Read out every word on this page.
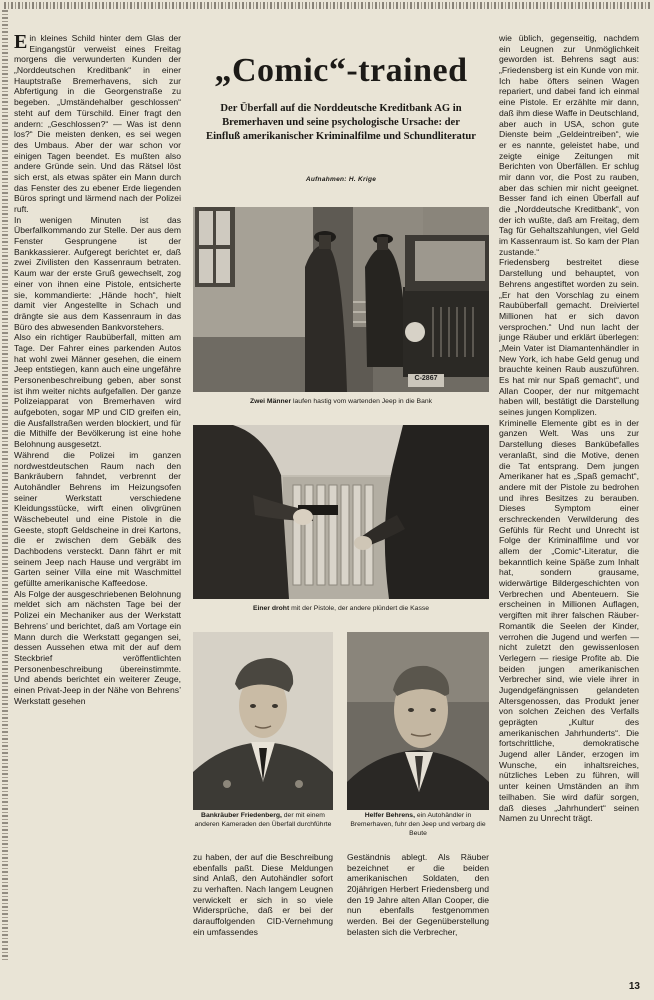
Ein kleines Schild hinter dem Glas der Eingangstür verweist eines Freitag morgens die verwunderten Kunden der „Norddeutschen Kreditbank“ in einer Hauptstraße Bremerhavens, sich zur Abfertigung in die Georgenstraße zu begeben. „Umständehalber geschlossen“ steht auf dem Türschild. Einer fragt den andern: „Geschlossen?“ — Was ist denn los?“ Die meisten denken, es sei wegen des Umbaus. Aber der war schon vor einigen Tagen beendet. Es mußten also andere Gründe sein. Und das Rätsel löst sich erst, als etwas später ein Mann durch das Fenster des zu ebener Erde liegenden Büros springt und lärmend nach der Polizei ruft.

In wenigen Minuten ist das Überfallkommando zur Stelle. Der aus dem Fenster Gesprungene ist der Bankkassierer. Aufgeregt berichtet er, daß zwei Zivilisten den Kassenraum betraten. Kaum war der erste Gruß gewechselt, zog einer von ihnen eine Pistole, entsicherte sie, kommandierte: „Hände hoch“, hielt damit vier Angestellte in Schach und drängte sie aus dem Kassenraum in das Büro des abwesenden Bankvorstehers.

Also ein richtiger Raubüberfall, mitten am Tage. Der Fahrer eines parkenden Autos hat wohl zwei Männer gesehen, die einem Jeep entstiegen, kann auch eine ungefähre Personenbeschreibung geben, aber sonst ist ihm weiter nichts aufgefallen. Der ganze Polizeiapparat von Bremerhaven wird aufgeboten, sogar MP und CID greifen ein, die Ausfallstraßen werden blockiert, und für die Mithilfe der Bevölkerung ist eine hohe Belohnung ausgesetzt.

Während die Polizei im ganzen nordwestdeutschen Raum nach den Bankräubern fahndet, verbrennt der Autohändler Behrens im Heizungsofen seiner Werkstatt verschiedene Kleidungsstücke, wirft einen olivgrünen Wäschebeutel und eine Pistole in die Geeste, stopft Geldscheine in drei Kartons, die er zwischen dem Gebälk des Dachbodens versteckt. Dann fährt er mit seinem Jeep nach Hause und vergräbt im Garten seiner Villa eine mit Waschmittel gefüllte amerikanische Kaffeedose.

Als Folge der ausgeschriebenen Belohnung meldet sich am nächsten Tage bei der Polizei ein Mechaniker aus der Werkstatt Behrens’ und berichtet, daß am Vortage ein Mann durch die Werkstatt gegangen sei, dessen Aussehen etwa mit der auf dem Steckbrief veröffentlichten Personenbeschreibung übereinstimmte. Und abends berichtet ein weiterer Zeuge, einen Privat-Jeep in der Nähe von Behrens’ Werkstatt gesehen

„Comic“-trained

Der Überfall auf die Norddeutsche Kreditbank AG in Bremerhaven und seine psychologische Ursache: der Einfluß amerikanischer Kriminalfilme und Schundliteratur

Aufnahmen: H. Krige
C-2867
Zwei Männer laufen hastig vom wartenden Jeep in die Bank
Einer droht mit der Pistole, der andere plündert die Kasse
Bankräuber Friedenberg, der mit einem anderen Kameraden den Überfall durchführte
Helfer Behrens, ein Autohändler in Bremerhaven, fuhr den Jeep und verbarg die Beute

zu haben, der auf die Beschreibung ebenfalls paßt. Diese Meldungen sind Anlaß, den Autohändler sofort zu verhaften. Nach langem Leugnen verwickelt er sich in so viele Widersprüche, daß er bei der darauffolgenden CID-Vernehmung ein umfassendes

Geständnis ablegt. Als Räuber bezeichnet er die beiden amerikanischen Soldaten, den 20jährigen Herbert Friedensberg und den 19 Jahre alten Allan Cooper, die nun ebenfalls festgenommen werden. Bei der Gegenüberstellung belasten sich die Verbrecher,

wie üblich, gegenseitig, nachdem ein Leugnen zur Unmöglichkeit geworden ist. Behrens sagt aus: „Friedensberg ist ein Kunde von mir. Ich habe öfters seinen Wagen repariert, und dabei fand ich einmal eine Pistole. Er erzählte mir dann, daß ihm diese Waffe in Deutschland, aber auch in USA, schon gute Dienste beim „Geldeintreiben“, wie er es nannte, geleistet habe, und zeigte einige Zeitungen mit Berichten von Überfällen. Er schlug mir dann vor, die Post zu rauben, aber das schien mir nicht geeignet. Besser fand ich einen Überfall auf die „Norddeutsche Kreditbank“, von der ich wußte, daß am Freitag, dem Tag für Gehaltszahlungen, viel Geld im Kassenraum ist. So kam der Plan zustande.“

Friedensberg bestreitet diese Darstellung und behauptet, von Behrens angestiftet worden zu sein. „Er hat den Vorschlag zu einem Raubüberfall gemacht. Dreiviertel Millionen hat er sich davon versprochen.“ Und nun lacht der junge Räuber und erklärt überlegen: „Mein Vater ist Diamantenhändler in New York, ich habe Geld genug und brauchte keinen Raub auszuführen. Es hat mir nur Spaß gemacht“, und Allan Cooper, der nur mitgemacht haben will, bestätigt die Darstellung seines jungen Komplizen.

Kriminelle Elemente gibt es in der ganzen Welt. Was uns zur Darstellung dieses Bankübefalles veranlaßt, sind die Motive, denen die Tat entsprang. Dem jungen Amerikaner hat es „Spaß gemacht“, andere mit der Pistole zu bedrohen und ihres Besitzes zu berauben. Dieses Symptom einer erschreckenden Verwilderung des Gefühls für Recht und Unrecht ist Folge der Kriminalfilme und vor allem der „Comic“-Literatur, die bekanntlich keine Späße zum Inhalt hat, sondern grausame, widerwärtige Bildergeschichten von Verbrechen und Abenteuern. Sie erscheinen in Millionen Auflagen, vergiften mit ihrer falschen Räuber-Romantik die Seelen der Kinder, verrohen die Jugend und werfen — nicht zuletzt den gewissenlosen Verlegern — riesige Profite ab. Die beiden jungen amerikanischen Verbrecher sind, wie viele ihrer in Jugendgefängnissen gelandeten Altersgenossen, das Produkt jener von solchen Zeichen des Verfalls geprägten „Kultur des amerikanischen Jahrhunderts“. Die fortschrittliche, demokratische Jugend aller Länder, erzogen im Wunsche, ein inhaltsreiches, nützliches Leben zu führen, will unter keinen Umständen an ihm teilhaben. Sie wird dafür sorgen, daß dieses „Jahrhundert“ seinen Namen zu Unrecht trägt.

13
